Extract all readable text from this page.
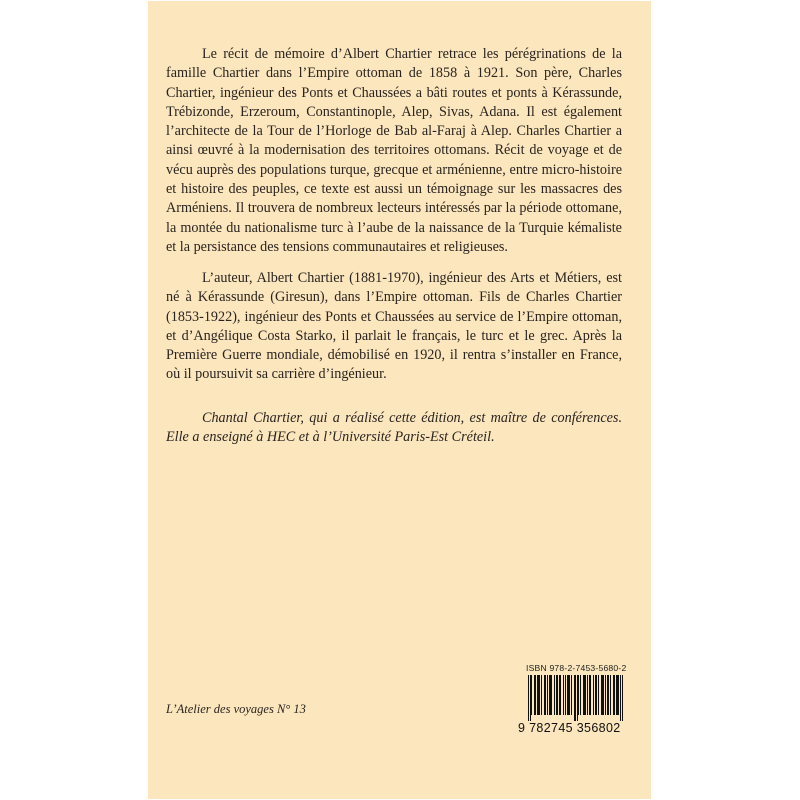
Le récit de mémoire d’Albert Chartier retrace les pérégrinations de la famille Chartier dans l’Empire ottoman de 1858 à 1921. Son père, Charles Chartier, ingénieur des Ponts et Chaussées a bâti routes et ponts à Kérassunde, Trébizonde, Erzeroum, Constantinople, Alep, Sivas, Adana. Il est également l’architecte de la Tour de l’Horloge de Bab al-Faraj à Alep. Charles Chartier a ainsi œuvré à la modernisation des territoires ottomans. Récit de voyage et de vécu auprès des populations turque, grecque et arménienne, entre micro-histoire et histoire des peuples, ce texte est aussi un témoignage sur les massacres des Arméniens. Il trouvera de nombreux lecteurs intéressés par la période ottomane, la montée du nationalisme turc à l’aube de la naissance de la Turquie kémaliste et la persistance des tensions communautaires et religieuses.

L’auteur, Albert Chartier (1881-1970), ingénieur des Arts et Métiers, est né à Kérassunde (Giresun), dans l’Empire ottoman. Fils de Charles Chartier (1853-1922), ingénieur des Ponts et Chaussées au service de l’Empire ottoman, et d’Angélique Costa Starko, il parlait le français, le turc et le grec. Après la Première Guerre mondiale, démobilisé en 1920, il rentra s’installer en France, où il poursuivit sa carrière d’ingénieur.

Chantal Chartier, qui a réalisé cette édition, est maître de conférences. Elle a enseigné à HEC et à l’Université Paris-Est Créteil.

L’Atelier des voyages N° 13
ISBN 978-2-7453-5680-2
9 782745 356802
